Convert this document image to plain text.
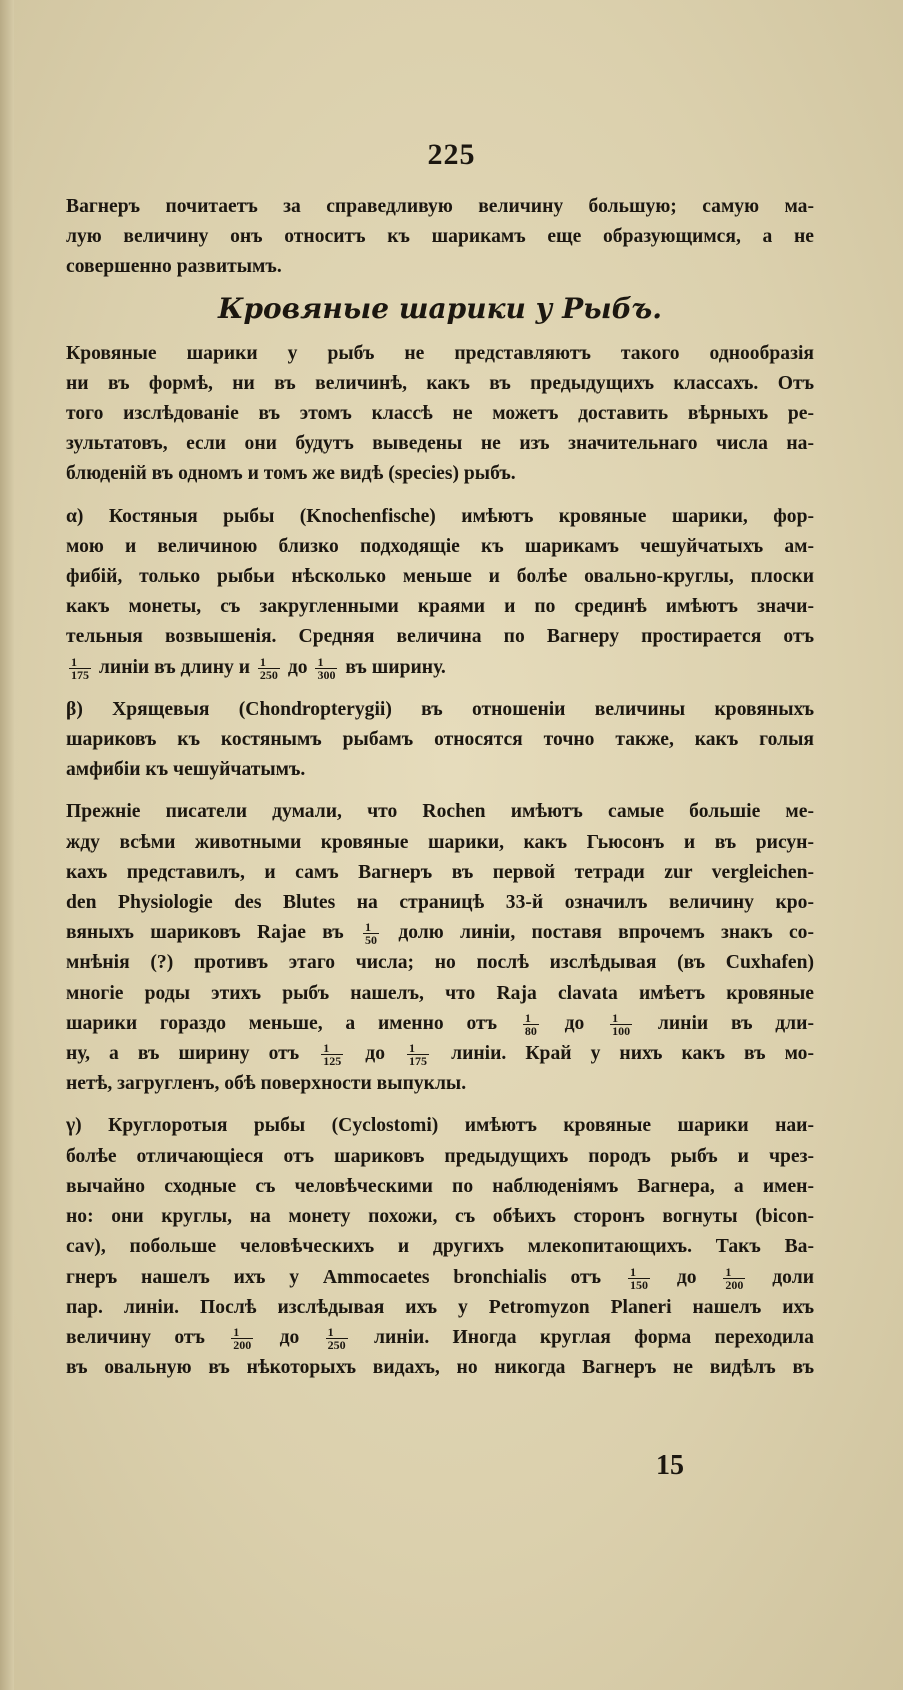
225
Вагнеръ почитаетъ за справедливую величину большую; самую ма-
лую величину онъ относитъ къ шарикамъ еще образующимся, а не
совершенно развитымъ.
Кровяные шарики у Рыбъ.
Кровяные шарики у рыбъ не представляютъ такого однообразія
ни въ формѣ, ни въ величинѣ, какъ въ предыдущихъ классахъ. Отъ
того изслѣдованіе въ этомъ классѣ не можетъ доставить вѣрныхъ ре-
зультатовъ, если они будутъ выведены не изъ значительнаго числа на-
блюденій въ одномъ и томъ же видѣ (species) рыбъ.
α) Костяныя рыбы (Knochenfische) имѣютъ кровяные шарики, фор-
мою и величиною близко подходящіе къ шарикамъ чешуйчатыхъ ам-
фибій, только рыбьи нѣсколько меньше и болѣе овально-круглы, плоски
какъ монеты, съ закругленными краями и по срединѣ имѣютъ значи-
тельныя возвышенія. Средняя величина по Вагнеру простирается отъ
$\frac{1}{175}$ линіи въ длину и $\frac{1}{250}$ до $\frac{1}{300}$ въ ширину.
β) Хрящевыя (Chondropterygii) въ отношеніи величины кровяныхъ
шариковъ къ костянымъ рыбамъ относятся точно также, какъ голыя
амфибіи къ чешуйчатымъ.
Прежніе писатели думали, что Rochen имѣютъ самые большіе ме-
жду всѣми животными кровяные шарики, какъ Гьюсонъ и въ рисун-
кахъ представилъ, и самъ Вагнеръ въ первой тетради zur vergleichen-
den Physiologie des Blutes на страницѣ 33-й означилъ величину кро-
вяныхъ шариковъ Rajae въ $\frac{1}{50}$ долю линіи, поставя впрочемъ знакъ со-
мнѣнія (?) противъ этаго числа; но послѣ изслѣдывая (въ Cuxhafen)
многіе роды этихъ рыбъ нашелъ, что Raja clavata имѣетъ кровяные
шарики гораздо меньше, а именно отъ $\frac{1}{80}$ до $\frac{1}{100}$ линіи въ дли-
ну, а въ ширину отъ $\frac{1}{125}$ до $\frac{1}{175}$ линіи. Край у нихъ какъ въ мо-
нетѣ, загругленъ, обѣ поверхности выпуклы.
γ) Круглоротыя рыбы (Cyclostomi) имѣютъ кровяные шарики наи-
болѣе отличающіеся отъ шариковъ предыдущихъ породъ рыбъ и чрез-
вычайно сходные съ человѣческими по наблюденіямъ Вагнера, а имен-
но: они круглы, на монету похожи, съ обѣихъ сторонъ вогнуты (bicon-
cav), побольше человѣческихъ и другихъ млекопитающихъ. Такъ Ва-
гнеръ нашелъ ихъ у Ammocaetes bronchialis отъ $\frac{1}{150}$ до $\frac{1}{200}$ доли
пар. линіи. Послѣ изслѣдывая ихъ у Petromyzon Planeri нашелъ ихъ
величину отъ $\frac{1}{200}$ до $\frac{1}{250}$ линіи. Иногда круглая форма переходила
въ овальную въ нѣкоторыхъ видахъ, но никогда Вагнеръ не видѣлъ въ
15
